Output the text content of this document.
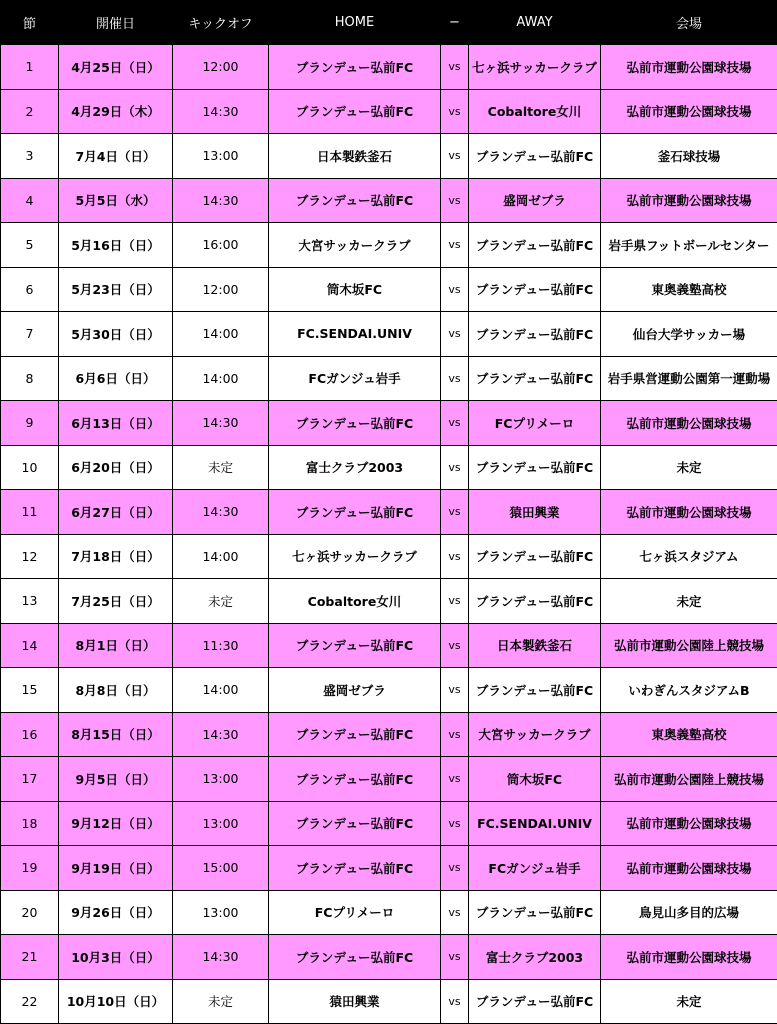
節	開催日	キックオフ	HOME	−	AWAY	会場
1	4月25日（日）	12:00	ブランデュー弘前FC	vs	七ヶ浜サッカークラブ	弘前市運動公園球技場
2	4月29日（木）	14:30	ブランデュー弘前FC	vs	Cobaltore女川	弘前市運動公園球技場
3	7月4日（日）	13:00	日本製鉄釜石	vs	ブランデュー弘前FC	釜石球技場
4	5月5日（水）	14:30	ブランデュー弘前FC	vs	盛岡ゼブラ	弘前市運動公園球技場
5	5月16日（日）	16:00	大宮サッカークラブ	vs	ブランデュー弘前FC	岩手県フットボールセンター
6	5月23日（日）	12:00	筒木坂FC	vs	ブランデュー弘前FC	東奥義塾高校
7	5月30日（日）	14:00	FC.SENDAI.UNIV	vs	ブランデュー弘前FC	仙台大学サッカー場
8	6月6日（日）	14:00	FCガンジュ岩手	vs	ブランデュー弘前FC	岩手県営運動公園第一運動場
9	6月13日（日）	14:30	ブランデュー弘前FC	vs	FCプリメーロ	弘前市運動公園球技場
10	6月20日（日）	未定	富士クラブ2003	vs	ブランデュー弘前FC	未定
11	6月27日（日）	14:30	ブランデュー弘前FC	vs	猿田興業	弘前市運動公園球技場
12	7月18日（日）	14:00	七ヶ浜サッカークラブ	vs	ブランデュー弘前FC	七ヶ浜スタジアム
13	7月25日（日）	未定	Cobaltore女川	vs	ブランデュー弘前FC	未定
14	8月1日（日）	11:30	ブランデュー弘前FC	vs	日本製鉄釜石	弘前市運動公園陸上競技場
15	8月8日（日）	14:00	盛岡ゼブラ	vs	ブランデュー弘前FC	いわぎんスタジアムB
16	8月15日（日）	14:30	ブランデュー弘前FC	vs	大宮サッカークラブ	東奥義塾高校
17	9月5日（日）	13:00	ブランデュー弘前FC	vs	筒木坂FC	弘前市運動公園陸上競技場
18	9月12日（日）	13:00	ブランデュー弘前FC	vs	FC.SENDAI.UNIV	弘前市運動公園球技場
19	9月19日（日）	15:00	ブランデュー弘前FC	vs	FCガンジュ岩手	弘前市運動公園球技場
20	9月26日（日）	13:00	FCプリメーロ	vs	ブランデュー弘前FC	鳥見山多目的広場
21	10月3日（日）	14:30	ブランデュー弘前FC	vs	富士クラブ2003	弘前市運動公園球技場
22	10月10日（日）	未定	猿田興業	vs	ブランデュー弘前FC	未定
